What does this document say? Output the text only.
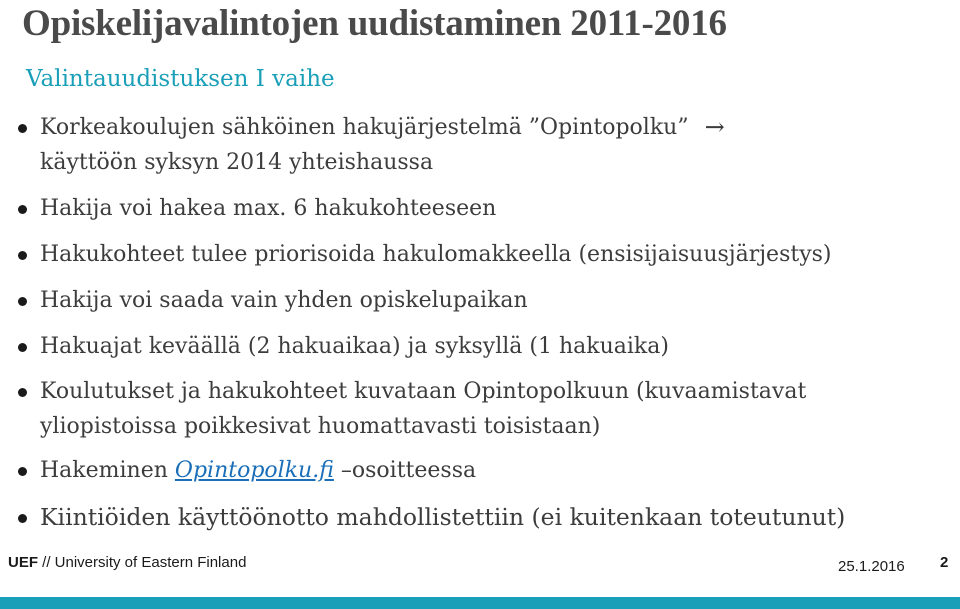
Opiskelijavalintojen uudistaminen 2011-2016
Valintauudistuksen I vaihe
Korkeakoulujen sähköinen hakujärjestelmä ”Opintopolku” →
käyttöön syksyn 2014 yhteishaussa
Hakija voi hakea max. 6 hakukohteeseen
Hakukohteet tulee priorisoida hakulomakkeella (ensisijaisuusjärjestys)
Hakija voi saada vain yhden opiskelupaikan
Hakuajat keväällä (2 hakuaikaa) ja syksyllä (1 hakuaika)
Koulutukset ja hakukohteet kuvataan Opintopolkuun (kuvaamistavat
yliopistoissa poikkesivat huomattavasti toisistaan)
Hakeminen Opintopolku.fi –osoitteessa
Kiintiöiden käyttöönotto mahdollistettiin (ei kuitenkaan toteutunut)
UEF // University of Eastern Finland	25.1.2016 2
